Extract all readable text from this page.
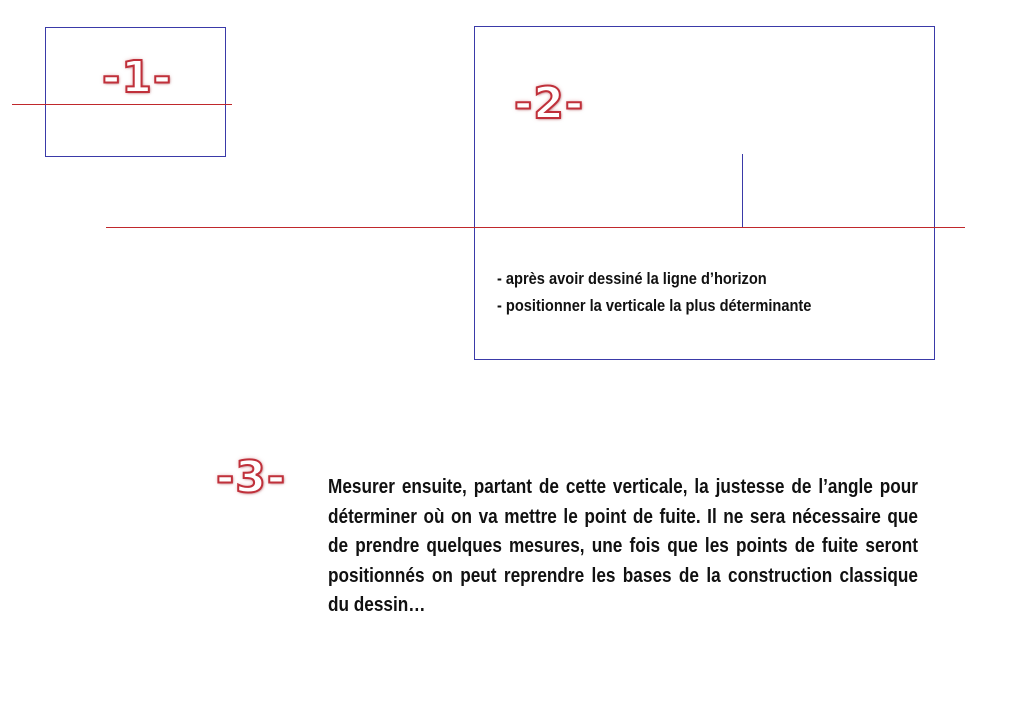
-1-
-2-
- après avoir dessiné la ligne d’horizon
- positionner la verticale la plus déterminante
-3- Mesurer ensuite, partant de cette verticale, la justesse de l’angle pour déterminer où on va mettre le point de fuite. Il ne sera nécessaire que de prendre quelques mesures, une fois que les points de fuite seront positionnés on peut reprendre les bases de la construction classique du dessin…
